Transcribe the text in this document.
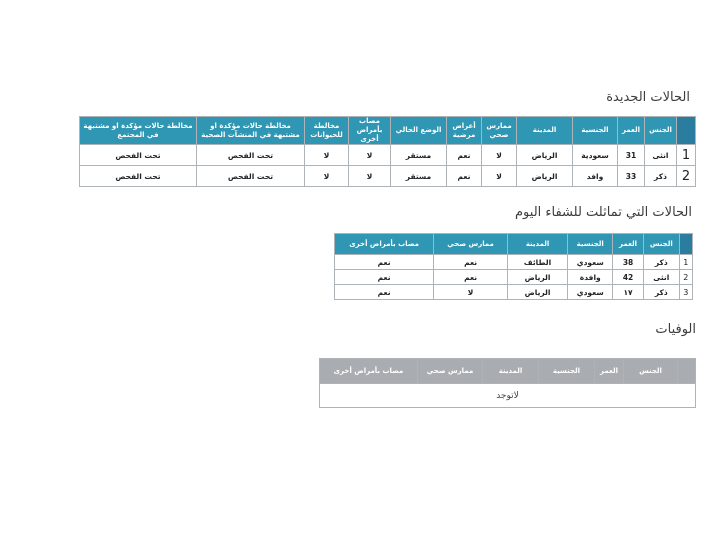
الحالات الجديدة
	الجنس	العمر	الجنسية	المدينة	ممارس صحي	أعراض مرضية	الوضع الحالي	مصاب بأمراض أخرى	مخالطة للحيوانات	مخالطة حالات مؤكدة او مشتبهة في المنشآت الصحية	مخالطة حالات مؤكدة او مشتبهة في المجتمع
1	انثى	31	سعودية	الرياض	لا	نعم	مستقر	لا	لا	تحت الفحص	تحت الفحص
2	ذكر	33	وافد	الرياض	لا	نعم	مستقر	لا	لا	تحت الفحص	تحت الفحص
الحالات التي تماثلت للشفاء اليوم
	الجنس	العمر	الجنسية	المدينة	ممارس صحي	مصاب بأمراض أخرى
1	ذكر	38	سعودي	الطائف	نعم	نعم
2	انثى	42	وافدة	الرياض	نعم	نعم
3	ذكر	١٧	سعودي	الرياض	لا	نعم
الوفيات
	الجنس	العمر	الجنسية	المدينة	ممارس صحي	مصاب بأمراض أخرى
لاتوجد
